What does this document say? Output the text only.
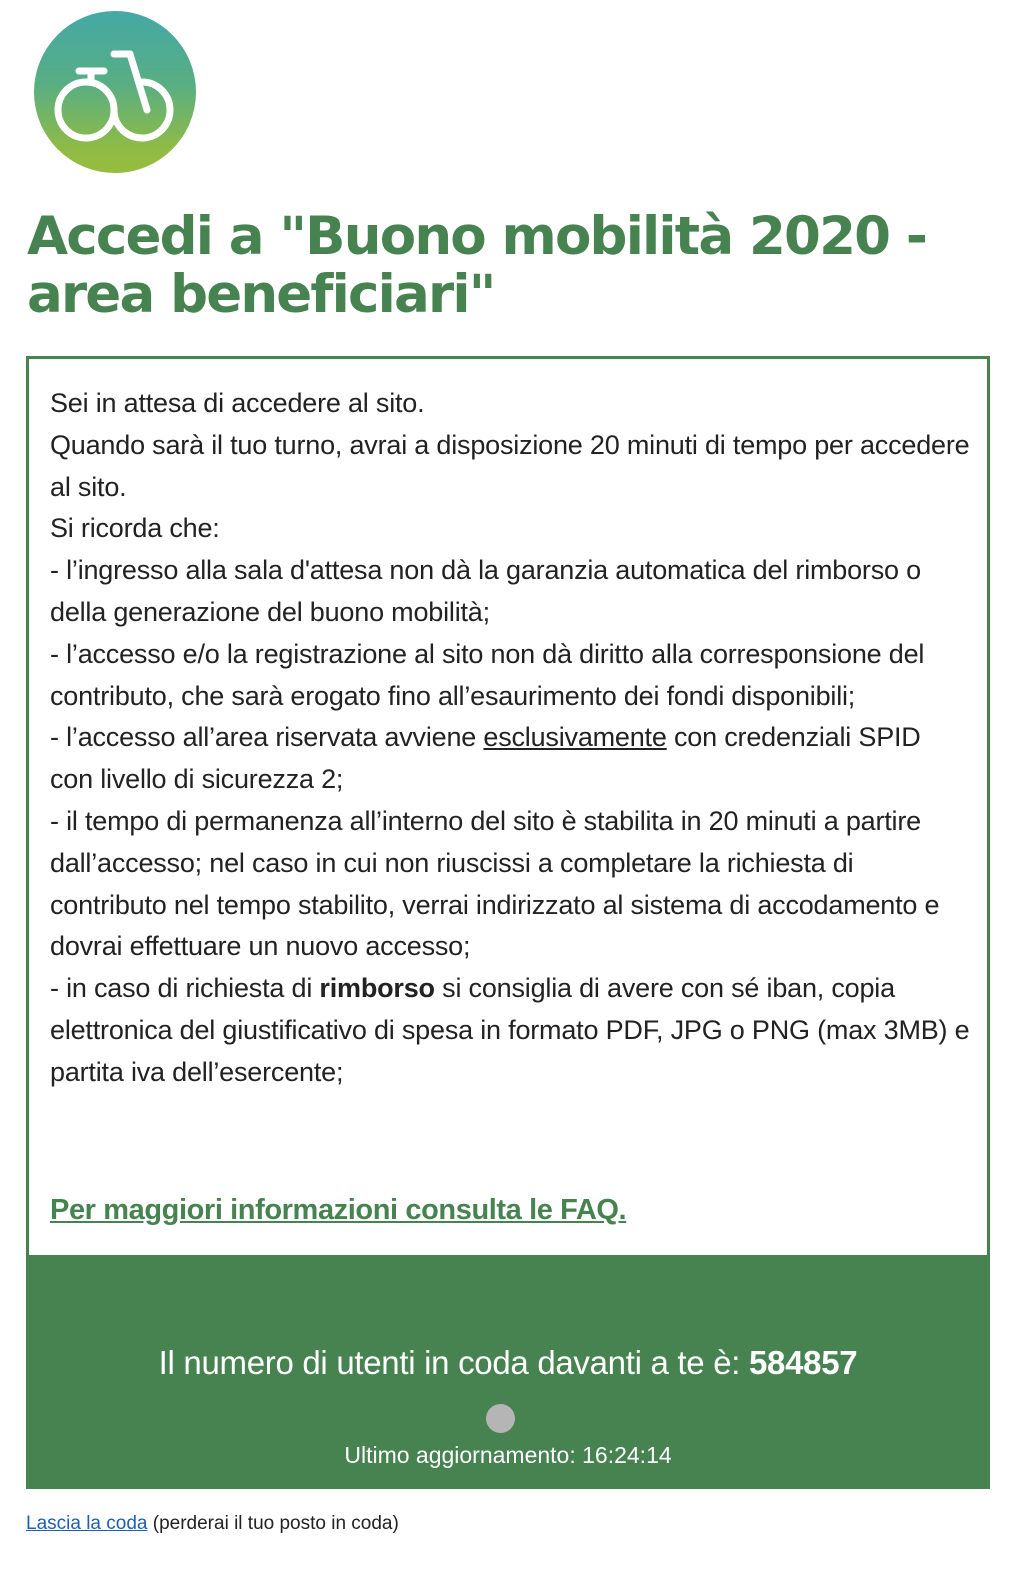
Accedi a "Buono mobilità 2020 - area beneficiari"

Sei in attesa di accedere al sito.

Quando sarà il tuo turno, avrai a disposizione 20 minuti di tempo per accedere al sito.

Si ricorda che:

- l’ingresso alla sala d'attesa non dà la garanzia automatica del rimborso o della generazione del buono mobilità;

- l’accesso e/o la registrazione al sito non dà diritto alla corresponsione del contributo, che sarà erogato fino all’esaurimento dei fondi disponibili;

- l’accesso all’area riservata avviene esclusivamente con credenziali SPID con livello di sicurezza 2;

- il tempo di permanenza all’interno del sito è stabilita in 20 minuti a partire dall’accesso; nel caso in cui non riuscissi a completare la richiesta di contributo nel tempo stabilito, verrai indirizzato al sistema di accodamento e dovrai effettuare un nuovo accesso;

- in caso di richiesta di rimborso si consiglia di avere con sé iban, copia elettronica del giustificativo di spesa in formato PDF, JPG o PNG (max 3MB) e partita iva dell’esercente;

Per maggiori informazioni consulta le FAQ.
Il numero di utenti in coda davanti a te è: 584857
Ultimo aggiornamento: 16:24:14
Lascia la coda (perderai il tuo posto in coda)
